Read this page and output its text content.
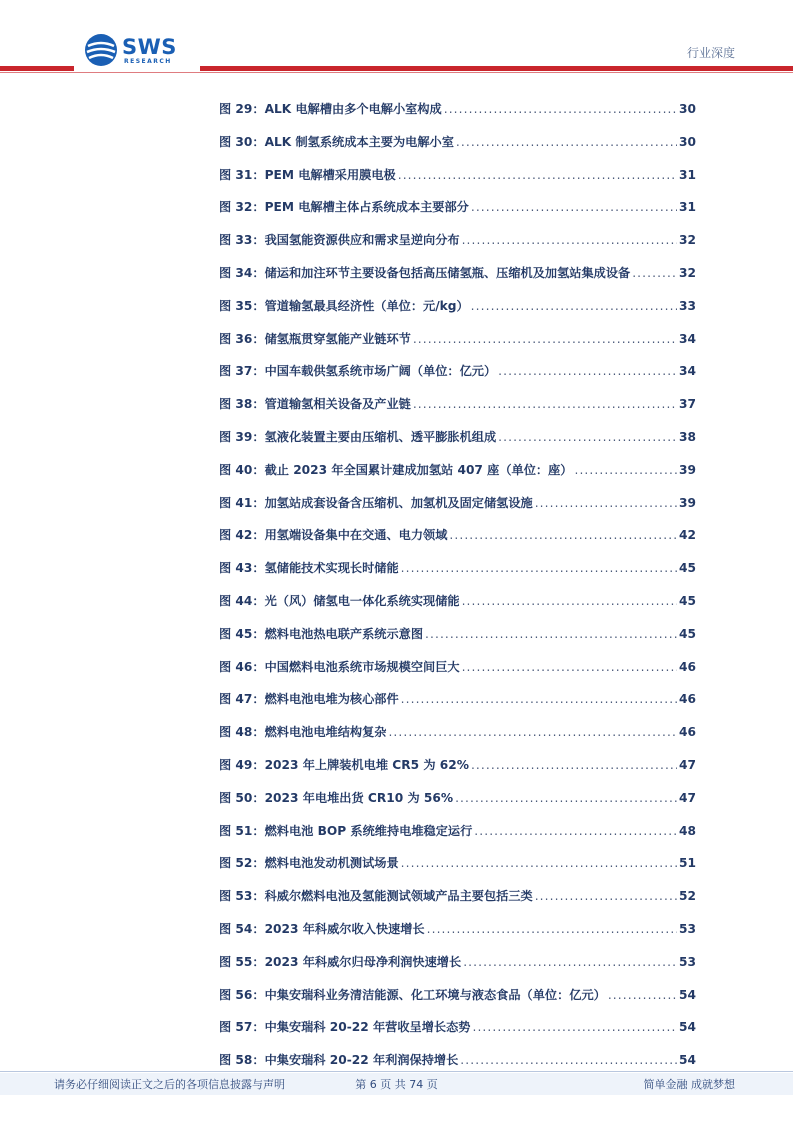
SWS
RESEARCH
行业深度
图 29：ALK 电解槽由多个电解小室构成 .....	30
图 30：ALK 制氢系统成本主要为电解小室 .....	30
图 31：PEM 电解槽采用膜电极 .....	31
图 32：PEM 电解槽主体占系统成本主要部分 .....	31
图 33：我国氢能资源供应和需求呈逆向分布 .....	32
图 34：储运和加注环节主要设备包括高压储氢瓶、压缩机及加氢站集成设备 .....	32
图 35：管道输氢最具经济性（单位：元/kg） .....	33
图 36：储氢瓶贯穿氢能产业链环节 .....	34
图 37：中国车载供氢系统市场广阔（单位：亿元） .....	34
图 38：管道输氢相关设备及产业链 .....	37
图 39：氢液化装置主要由压缩机、透平膨胀机组成 .....	38
图 40：截止 2023 年全国累计建成加氢站 407 座（单位：座） .....	39
图 41：加氢站成套设备含压缩机、加氢机及固定储氢设施 .....	39
图 42：用氢端设备集中在交通、电力领域 .....	42
图 43：氢储能技术实现长时储能 .....	45
图 44：光（风）储氢电一体化系统实现储能 .....	45
图 45：燃料电池热电联产系统示意图 .....	45
图 46：中国燃料电池系统市场规模空间巨大 .....	46
图 47：燃料电池电堆为核心部件 .....	46
图 48：燃料电池电堆结构复杂 .....	46
图 49：2023 年上牌装机电堆 CR5 为 62% .....	47
图 50：2023 年电堆出货 CR10 为 56% .....	47
图 51：燃料电池 BOP 系统维持电堆稳定运行 .....	48
图 52：燃料电池发动机测试场景 .....	51
图 53：科威尔燃料电池及氢能测试领域产品主要包括三类 .....	52
图 54：2023 年科威尔收入快速增长 .....	53
图 55：2023 年科威尔归母净利润快速增长 .....	53
图 56：中集安瑞科业务清洁能源、化工环境与液态食品（单位：亿元） .....	54
图 57：中集安瑞科 20-22 年营收呈增长态势 .....	54
图 58：中集安瑞科 20-22 年利润保持增长 .....	54
请务必仔细阅读正文之后的各项信息披露与声明	第 6 页 共 74 页	简单金融 成就梦想
